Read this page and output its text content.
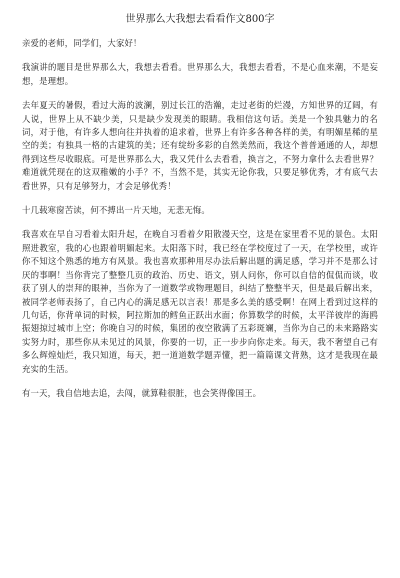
世界那么大我想去看看作文800字

亲爱的老师，同学们，大家好！

我演讲的题目是世界那么大，我想去看看。世界那么大，我想去看看，不是心血来潮，不是妄想，是理想。

去年夏天的暑假，看过大海的波澜，别过长江的浩瀚，走过老街的烂漫，方知世界的辽阔，有人说，世界上从不缺少美，只是缺少发现美的眼睛。我相信这句话。美是一个独具魅力的名词，对于他，有许多人想向往并执着的追求着，世界上有许多各种各样的美，有明媚星稀的星空的美；有独具一格的古建筑的美；还有绽纷多彩的自然美然而，我这个普普通通的人，却想得到这些尽收眼底。可是世界那么大，我又凭什么去看看，换言之，不努力拿什么去看世界？难道就凭现在的这双稚嫩的小手？不，当然不是，其实无论你我，只要足够优秀，才有底气去看世界，只有足够努力，才会足够优秀！

十几载寒窗苦读，何不搏出一片天地，无悲无悔。

我喜欢在早自习看着太阳升起，在晚自习看着夕阳散漫天空，这是在家里看不见的景色。太阳照进教室，我的心也跟着明媚起来。太阳落下时，我已经在学校度过了一天，在学校里，或许你不知这个熟悉的地方有风景。我也喜欢那种用尽办法后解出题的满足感，学习并不是那么讨厌的事啊！当你背完了整整几页的政治、历史、语文，别人问你，你可以自信的侃侃而谈，收获了别人的崇拜的眼神，当你为了一道数学或物理题目，纠结了整整半天，但是最后解出来，被同学老师表扬了，自己内心的满足感无以言表！那是多么美的感受啊！在网上看到过这样的几句话，你背单词的时候，阿拉斯加的鳕鱼正跃出水面；你算数学的时候，太平洋彼岸的海鸥振翅掠过城市上空；你晚自习的时候，集团的夜空散满了五彩斑斓，当你为自己的未来路路实实努力时，那些你从未见过的风景，你要的一切，正一步步向你走来。每天，我不奢望自己有多么辉煌灿烂，我只知道，每天，把一道道数学题弄懂，把一篇篇课文背熟，这才是我现在最充实的生活。

有一天，我自信地去追，去闯，就算鞋很脏，也会笑得像国王。
